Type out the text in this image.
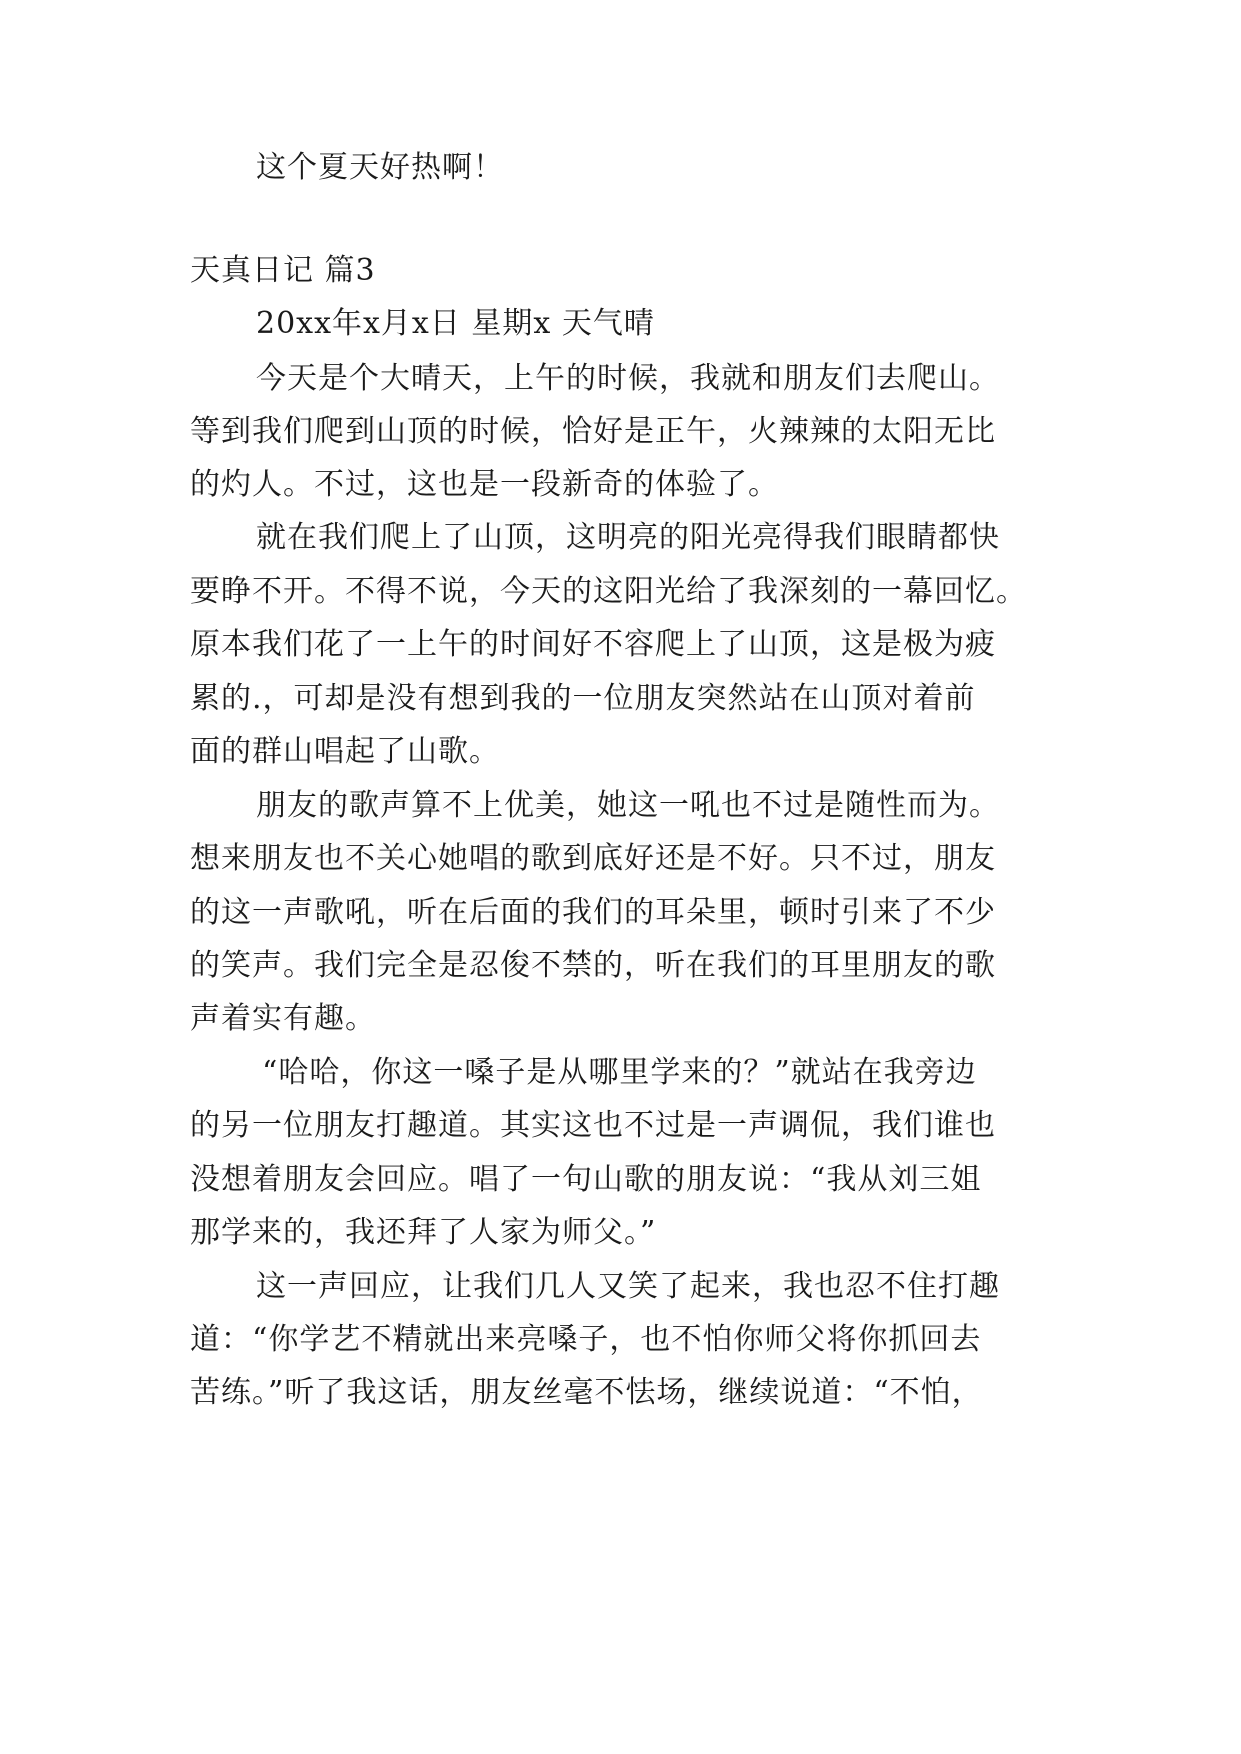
这个夏天好热啊！
天真日记 篇3
20xx年x月x日 星期x 天气晴
今天是个大晴天，上午的时候，我就和朋友们去爬山。
等到我们爬到山顶的时候，恰好是正午，火辣辣的太阳无比
的灼人。不过，这也是一段新奇的体验了。
就在我们爬上了山顶，这明亮的阳光亮得我们眼睛都快
要睁不开。不得不说，今天的这阳光给了我深刻的一幕回忆。
原本我们花了一上午的时间好不容爬上了山顶，这是极为疲
累的.，可却是没有想到我的一位朋友突然站在山顶对着前
面的群山唱起了山歌。
朋友的歌声算不上优美，她这一吼也不过是随性而为。
想来朋友也不关心她唱的歌到底好还是不好。只不过，朋友
的这一声歌吼，听在后面的我们的耳朵里，顿时引来了不少
的笑声。我们完全是忍俊不禁的，听在我们的耳里朋友的歌
声着实有趣。
“哈哈，你这一嗓子是从哪里学来的？”就站在我旁边
的另一位朋友打趣道。其实这也不过是一声调侃，我们谁也
没想着朋友会回应。唱了一句山歌的朋友说：“我从刘三姐
那学来的，我还拜了人家为师父。”
这一声回应，让我们几人又笑了起来，我也忍不住打趣
道：“你学艺不精就出来亮嗓子，也不怕你师父将你抓回去
苦练。”听了我这话，朋友丝毫不怯场，继续说道：“不怕，
